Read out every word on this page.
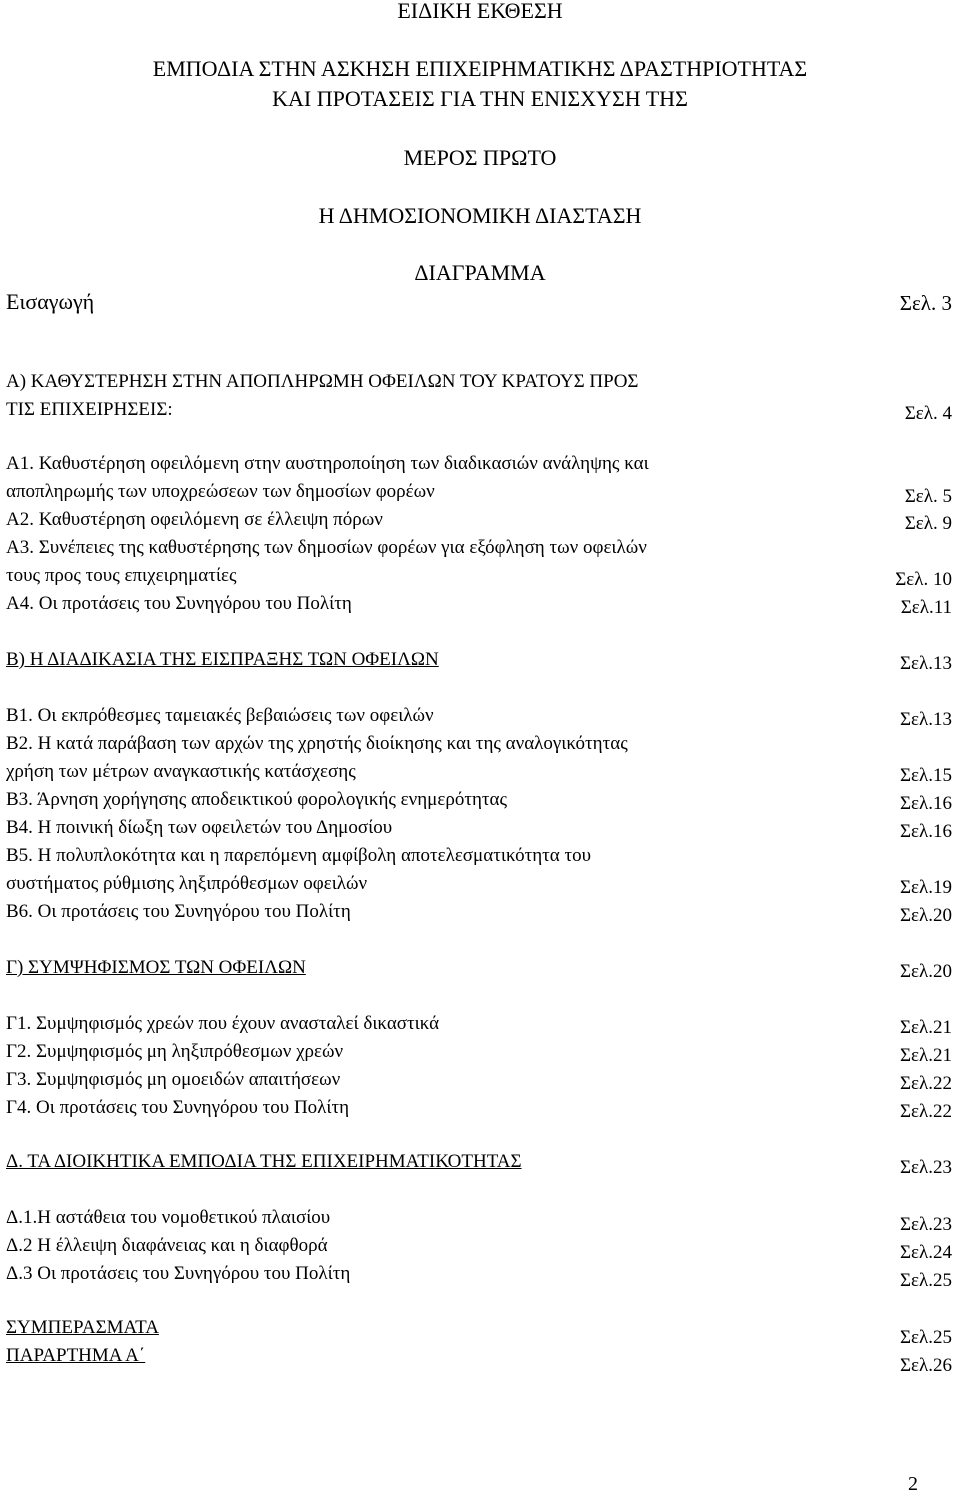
ΕΙΔΙΚΗ ΕΚΘΕΣΗ
ΕΜΠΟΔΙΑ ΣΤΗΝ ΑΣΚΗΣΗ ΕΠΙΧΕΙΡΗΜΑΤΙΚΗΣ ΔΡΑΣΤΗΡΙΟΤΗΤΑΣ
ΚΑΙ ΠΡΟΤΑΣΕΙΣ ΓΙΑ ΤΗΝ ΕΝΙΣΧΥΣΗ ΤΗΣ
ΜΕΡΟΣ ΠΡΩΤΟ
Η ΔΗΜΟΣΙΟΝΟΜΙΚΗ ΔΙΑΣΤΑΣΗ
ΔΙΑΓΡΑΜΜΑ
Εισαγωγή	Σελ. 3
Α) ΚΑΘΥΣΤΕΡΗΣΗ ΣΤΗΝ ΑΠΟΠΛΗΡΩΜΗ ΟΦΕΙΛΩΝ ΤΟΥ ΚΡΑΤΟΥΣ ΠΡΟΣ
ΤΙΣ ΕΠΙΧΕΙΡΗΣΕΙΣ:	Σελ. 4
Α1. Καθυστέρηση οφειλόμενη στην αυστηροποίηση των διαδικασιών ανάληψης και
αποπληρωμής των υποχρεώσεων των δημοσίων φορέων	Σελ. 5
Α2. Καθυστέρηση οφειλόμενη σε έλλειψη πόρων	Σελ. 9
Α3. Συνέπειες της καθυστέρησης των δημοσίων φορέων για εξόφληση των οφειλών
τους προς τους επιχειρηματίες	Σελ. 10
Α4. Οι προτάσεις του Συνηγόρου του Πολίτη	Σελ.11
Β) Η ΔΙΑΔΙΚΑΣΙΑ ΤΗΣ ΕΙΣΠΡΑΞΗΣ ΤΩΝ ΟΦΕΙΛΩΝ	Σελ.13
Β1. Οι εκπρόθεσμες ταμειακές βεβαιώσεις των οφειλών	Σελ.13
Β2. Η κατά παράβαση των αρχών της χρηστής διοίκησης και της αναλογικότητας
χρήση των μέτρων αναγκαστικής κατάσχεσης	Σελ.15
Β3. Άρνηση χορήγησης αποδεικτικού φορολογικής ενημερότητας	Σελ.16
Β4. Η ποινική δίωξη των οφειλετών του Δημοσίου	Σελ.16
Β5. Η πολυπλοκότητα και η παρεπόμενη αμφίβολη αποτελεσματικότητα του
συστήματος ρύθμισης ληξιπρόθεσμων οφειλών	Σελ.19
Β6. Οι προτάσεις του Συνηγόρου του Πολίτη	Σελ.20
Γ) ΣΥΜΨΗΦΙΣΜΟΣ ΤΩΝ ΟΦΕΙΛΩΝ	Σελ.20
Γ1. Συμψηφισμός χρεών που έχουν ανασταλεί δικαστικά	Σελ.21
Γ2. Συμψηφισμός μη ληξιπρόθεσμων χρεών	Σελ.21
Γ3. Συμψηφισμός μη ομοειδών απαιτήσεων	Σελ.22
Γ4. Οι προτάσεις του Συνηγόρου του Πολίτη	Σελ.22
Δ. ΤΑ ΔΙΟΙΚΗΤΙΚΑ ΕΜΠΟΔΙΑ ΤΗΣ ΕΠΙΧΕΙΡΗΜΑΤΙΚΟΤΗΤΑΣ	Σελ.23
Δ.1.Η αστάθεια του νομοθετικού πλαισίου	Σελ.23
Δ.2 Η έλλειψη διαφάνειας και η διαφθορά	Σελ.24
Δ.3 Οι προτάσεις του Συνηγόρου του Πολίτη	Σελ.25
ΣΥΜΠΕΡΑΣΜΑΤΑ	Σελ.25
ΠΑΡΑΡΤΗΜΑ Α΄	Σελ.26
2
